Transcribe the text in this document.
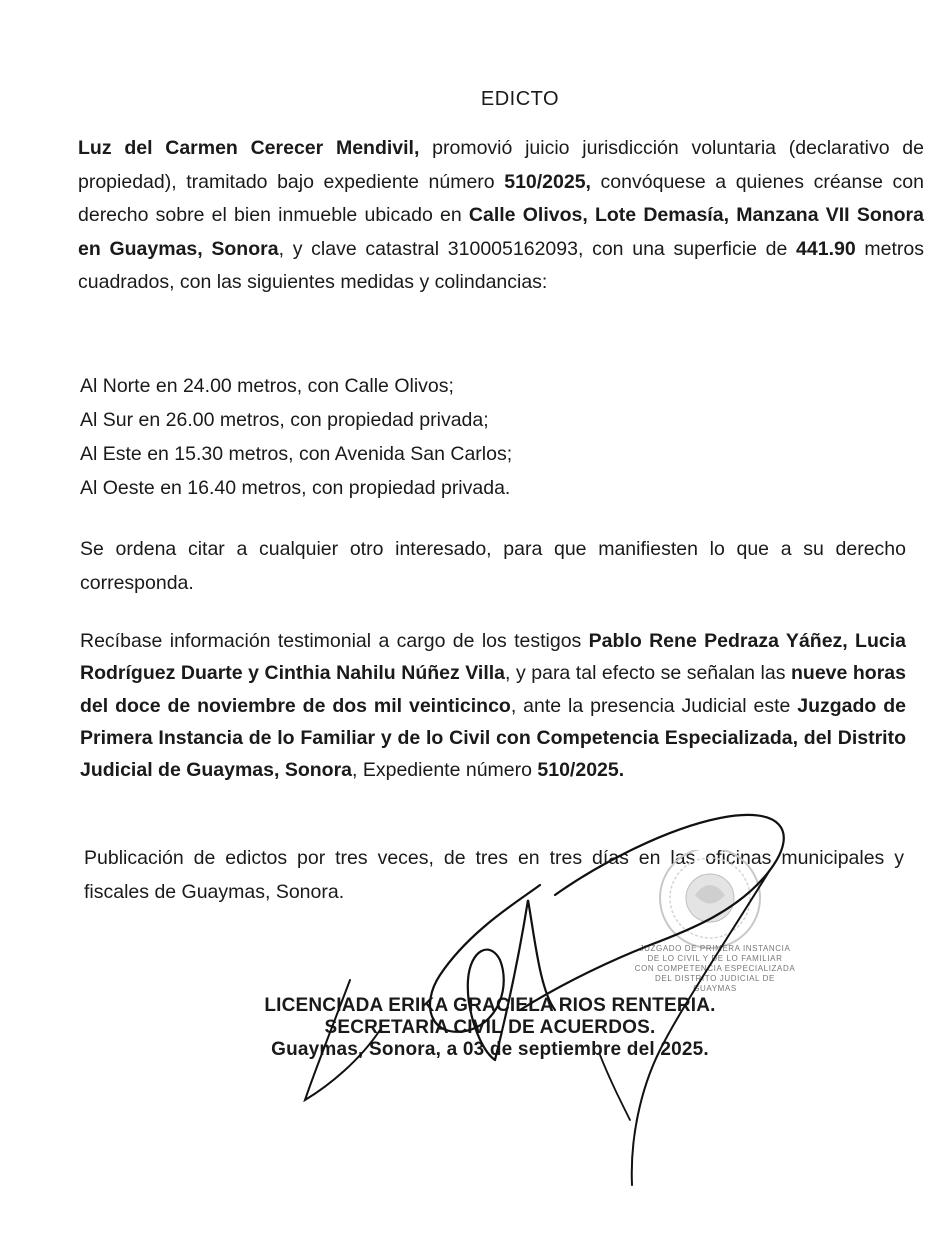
EDICTO
Luz del Carmen Cerecer Mendivil, promovió juicio jurisdicción voluntaria (declarativo de propiedad), tramitado bajo expediente número 510/2025, convóquese a quienes créanse con derecho sobre el bien inmueble ubicado en Calle Olivos, Lote Demasía, Manzana VII Sonora en Guaymas, Sonora, y clave catastral 310005162093, con una superficie de 441.90 metros cuadrados, con las siguientes medidas y colindancias:
Al Norte en 24.00 metros, con Calle Olivos;
Al Sur en 26.00 metros, con propiedad privada;
Al Este en 15.30 metros, con Avenida San Carlos;
Al Oeste en 16.40 metros, con propiedad privada.
Se ordena citar a cualquier otro interesado, para que manifiesten lo que a su derecho corresponda.
Recíbase información testimonial a cargo de los testigos Pablo Rene Pedraza Yáñez, Lucia Rodríguez Duarte y Cinthia Nahilu Núñez Villa, y para tal efecto se señalan las nueve horas del doce de noviembre de dos mil veinticinco, ante la presencia Judicial este Juzgado de Primera Instancia de lo Familiar y de lo Civil con Competencia Especializada, del Distrito Judicial de Guaymas, Sonora, Expediente número 510/2025.
Publicación de edictos por tres veces, de tres en tres días en las oficinas municipales y fiscales de Guaymas, Sonora.
JUZGADO DE PRIMERA INSTANCIA
DE LO CIVIL Y DE LO FAMILIAR
CON COMPETENCIA ESPECIALIZADA
DEL DISTRITO JUDICIAL DE
GUAYMAS
LICENCIADA ERIKA GRACIELA RIOS RENTERIA.
SECRETARIA CIVIL DE ACUERDOS.
Guaymas, Sonora, a 03 de septiembre del 2025.
